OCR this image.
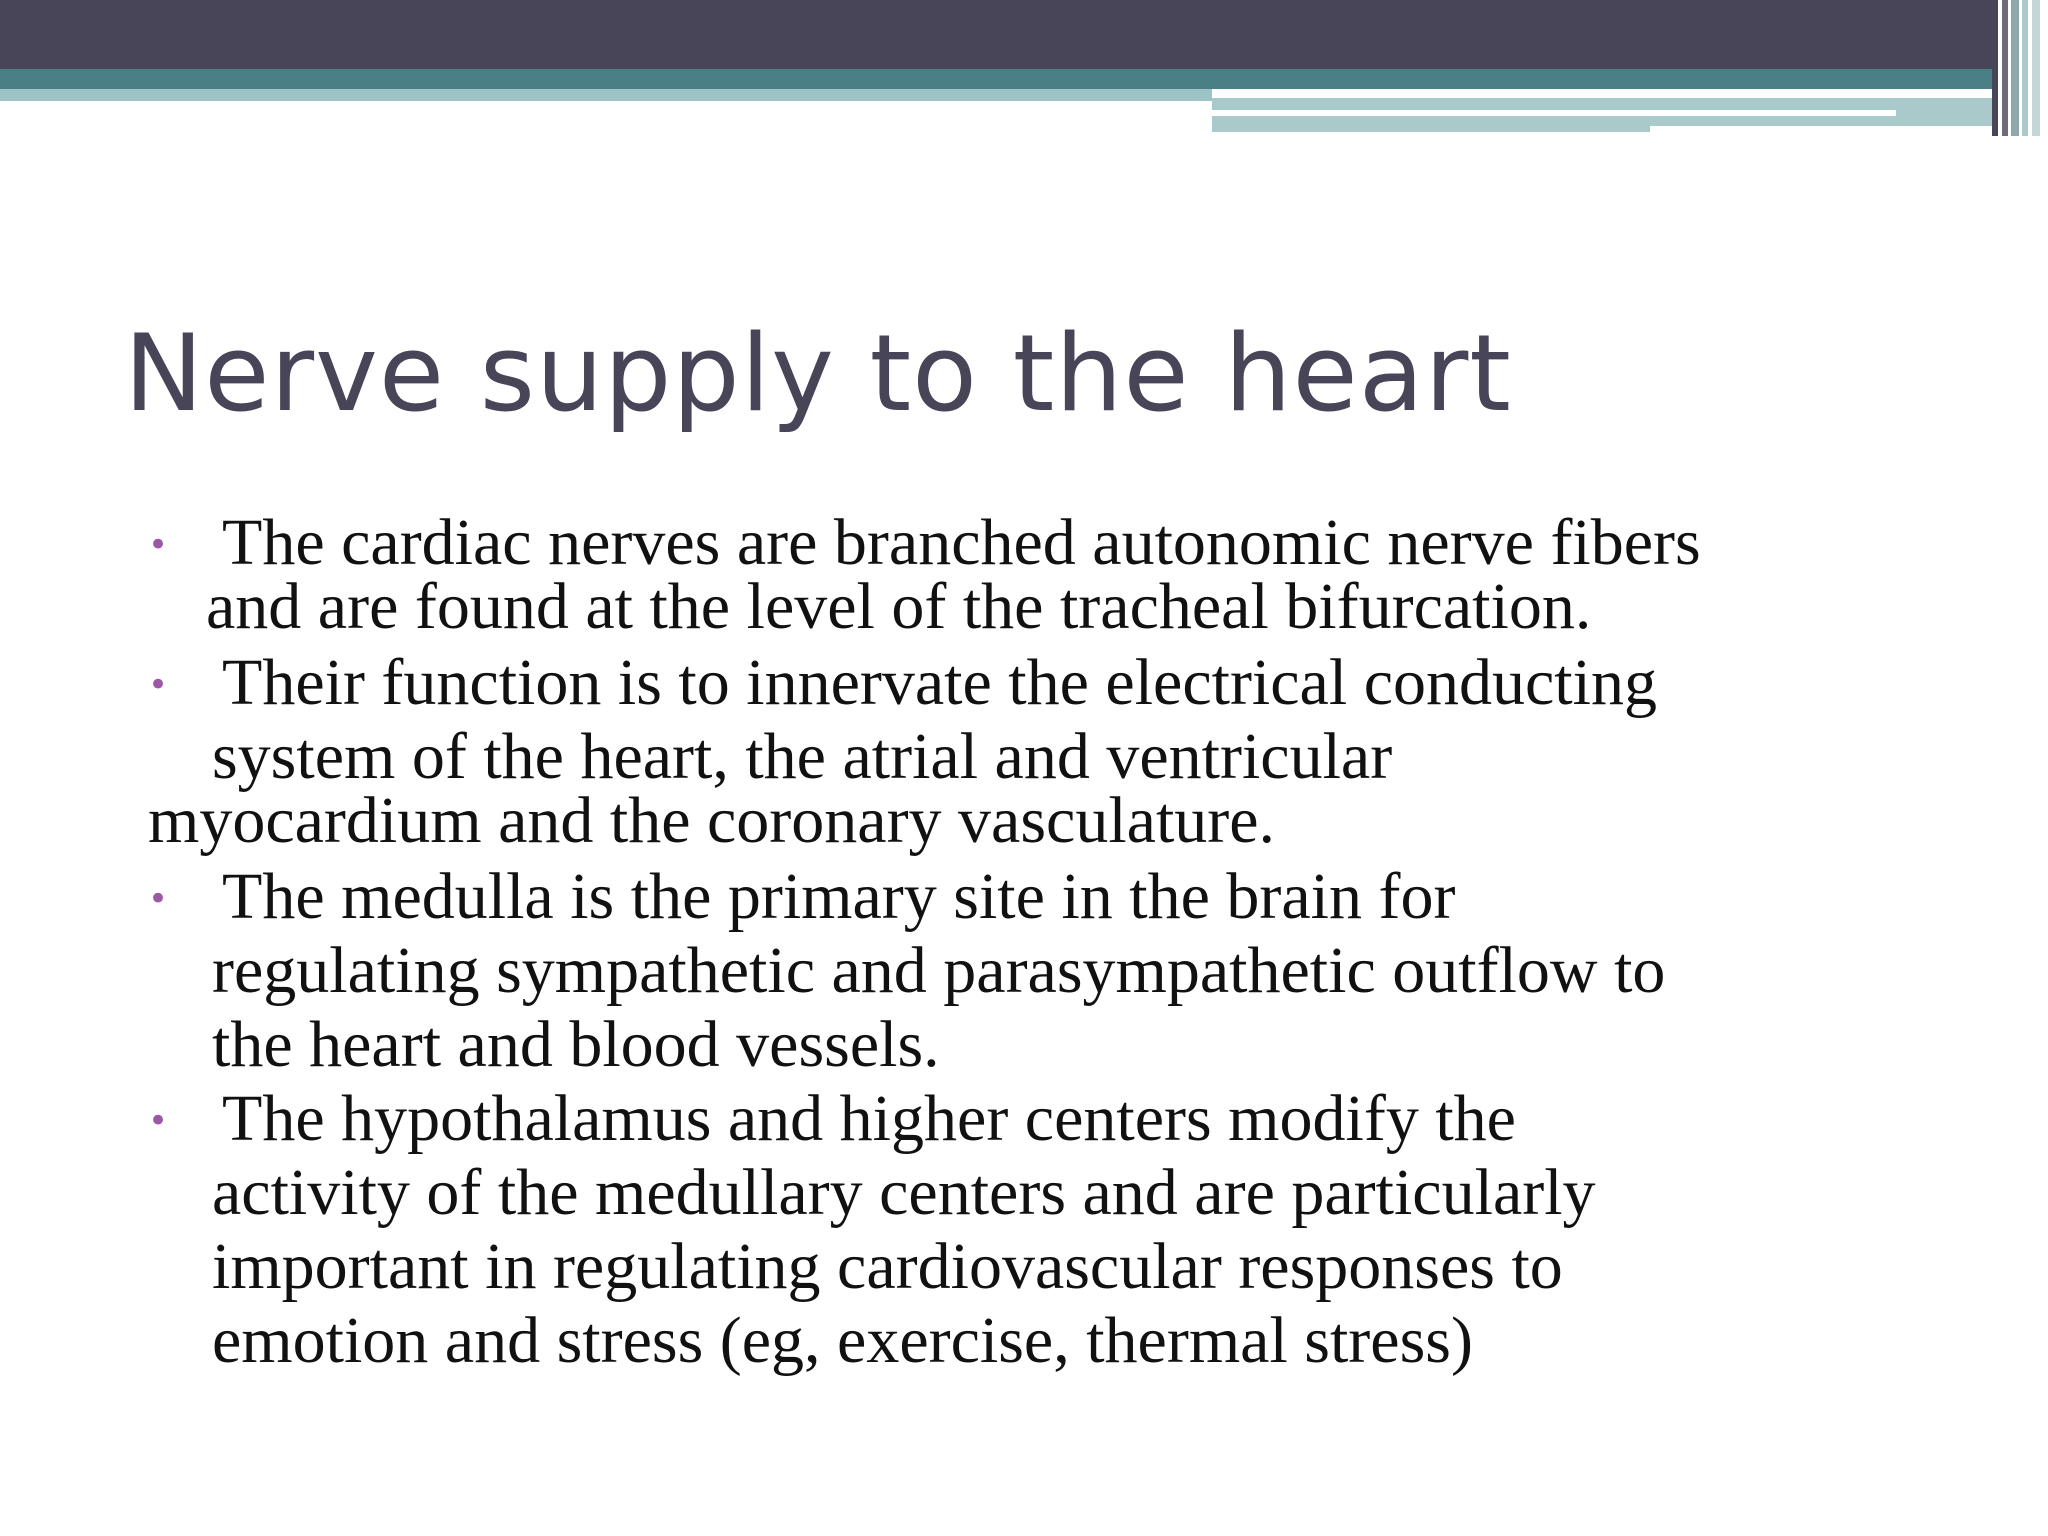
Nerve supply to the heart
• The cardiac nerves are branched autonomic nerve fibers
and are found at the level of the tracheal bifurcation.
• Their function is to innervate the electrical conducting
system of the heart, the atrial and ventricular
myocardium and the coronary vasculature.
• The medulla is the primary site in the brain for
regulating sympathetic and parasympathetic outflow to
the heart and blood vessels.
• The hypothalamus and higher centers modify the
activity of the medullary centers and are particularly
important in regulating cardiovascular responses to
emotion and stress (eg, exercise, thermal stress)
